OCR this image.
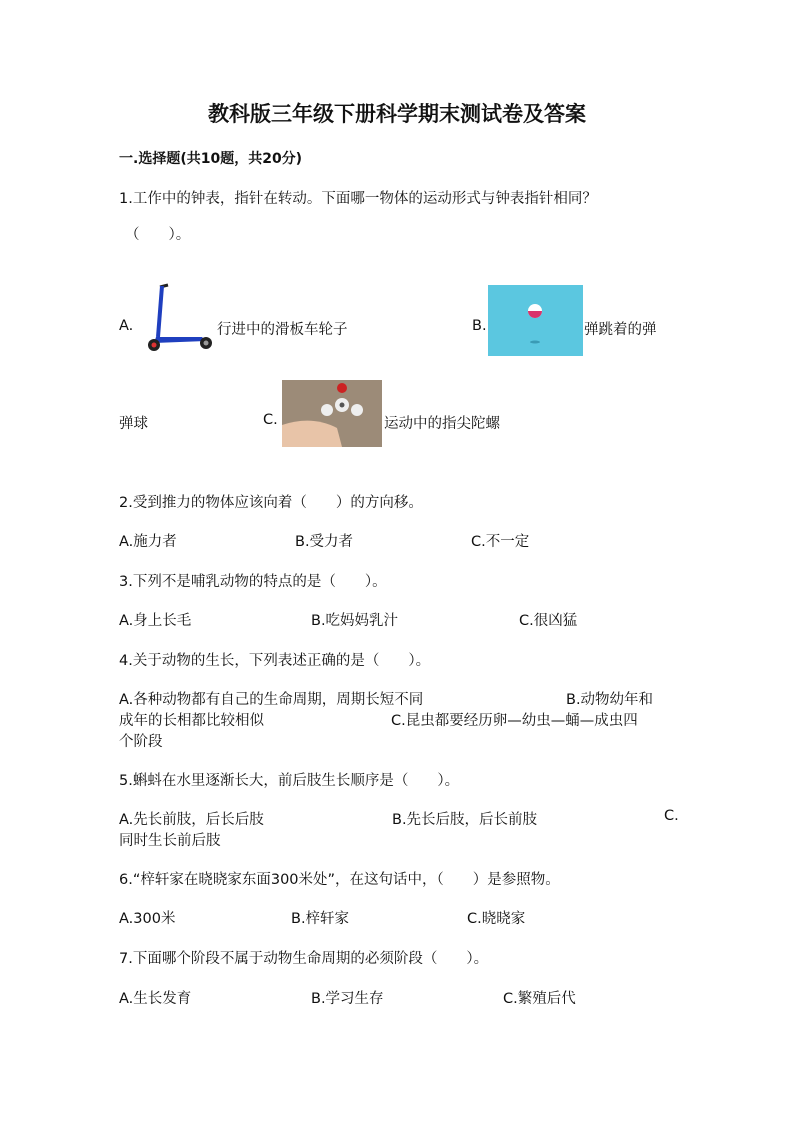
教科版三年级下册科学期末测试卷及答案
一.选择题(共10题，共20分)
1.工作中的钟表，指针在转动。下面哪一物体的运动形式与钟表指针相同？
（　　）。
A.	行进中的滑板车轮子	B.	弹跳着的弹
弹球	C.	运动中的指尖陀螺
2.受到推力的物体应该向着（　　）的方向移。
A.施力者	B.受力者	C.不一定
3.下列不是哺乳动物的特点的是（　　）。
A.身上长毛	B.吃妈妈乳汁	C.很凶猛
4.关于动物的生长，下列表述正确的是（　　）。
A.各种动物都有自己的生命周期，周期长短不同	B.动物幼年和
成年的长相都比较相似	C.昆虫都要经历卵—幼虫—蛹—成虫四
个阶段
5.蝌蚪在水里逐渐长大，前后肢生长顺序是（　　）。
A.先长前肢，后长后肢	B.先长后肢，后长前肢	C.
同时生长前后肢
6.“梓轩家在晓晓家东面300米处”，在这句话中，（　　）是参照物。
A.300米	B.梓轩家	C.晓晓家
7.下面哪个阶段不属于动物生命周期的必须阶段（　　）。
A.生长发育	B.学习生存	C.繁殖后代
